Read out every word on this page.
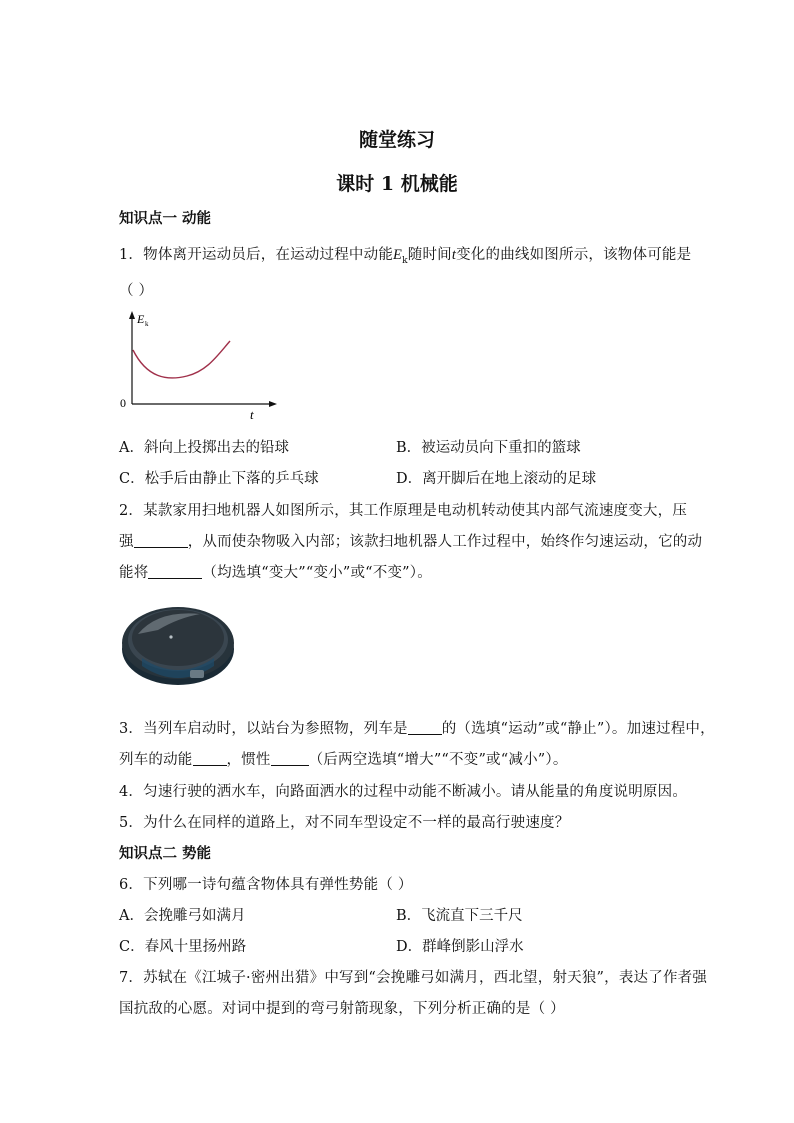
随堂练习
课时 1 机械能
知识点一 动能
1．物体离开运动员后，在运动过程中动能$E_k$随时间t变化的曲线如图所示，该物体可能是
（ ）
E k
0
t
A．斜向上投掷出去的铅球	B．被运动员向下重扣的篮球
C．松手后由静止下落的乒乓球	D．离开脚后在地上滚动的足球
2．某款家用扫地机器人如图所示，其工作原理是电动机转动使其内部气流速度变大，压
强	，从而使杂物吸入内部；该款扫地机器人工作过程中，始终作匀速运动，它的动
能将	（均选填“变大”“变小”或“不变”）。
3．当列车启动时，以站台为参照物，列车是 的（选填“运动”或“静止”）。加速过程中，
列车的动能 ，惯性	（后两空选填“增大”“不变”或“减小”）。
4．匀速行驶的洒水车，向路面洒水的过程中动能不断减小。请从能量的角度说明原因。
5．为什么在同样的道路上，对不同车型设定不一样的最高行驶速度？
知识点二 势能
6．下列哪一诗句蕴含物体具有弹性势能（ ）
A．会挽雕弓如满月	B．飞流直下三千尺
C．春风十里扬州路	D．群峰倒影山浮水
7．苏轼在《江城子·密州出猎》中写到“会挽雕弓如满月，西北望，射天狼”，表达了作者强
国抗敌的心愿。对词中提到的弯弓射箭现象，下列分析正确的是（ ）
